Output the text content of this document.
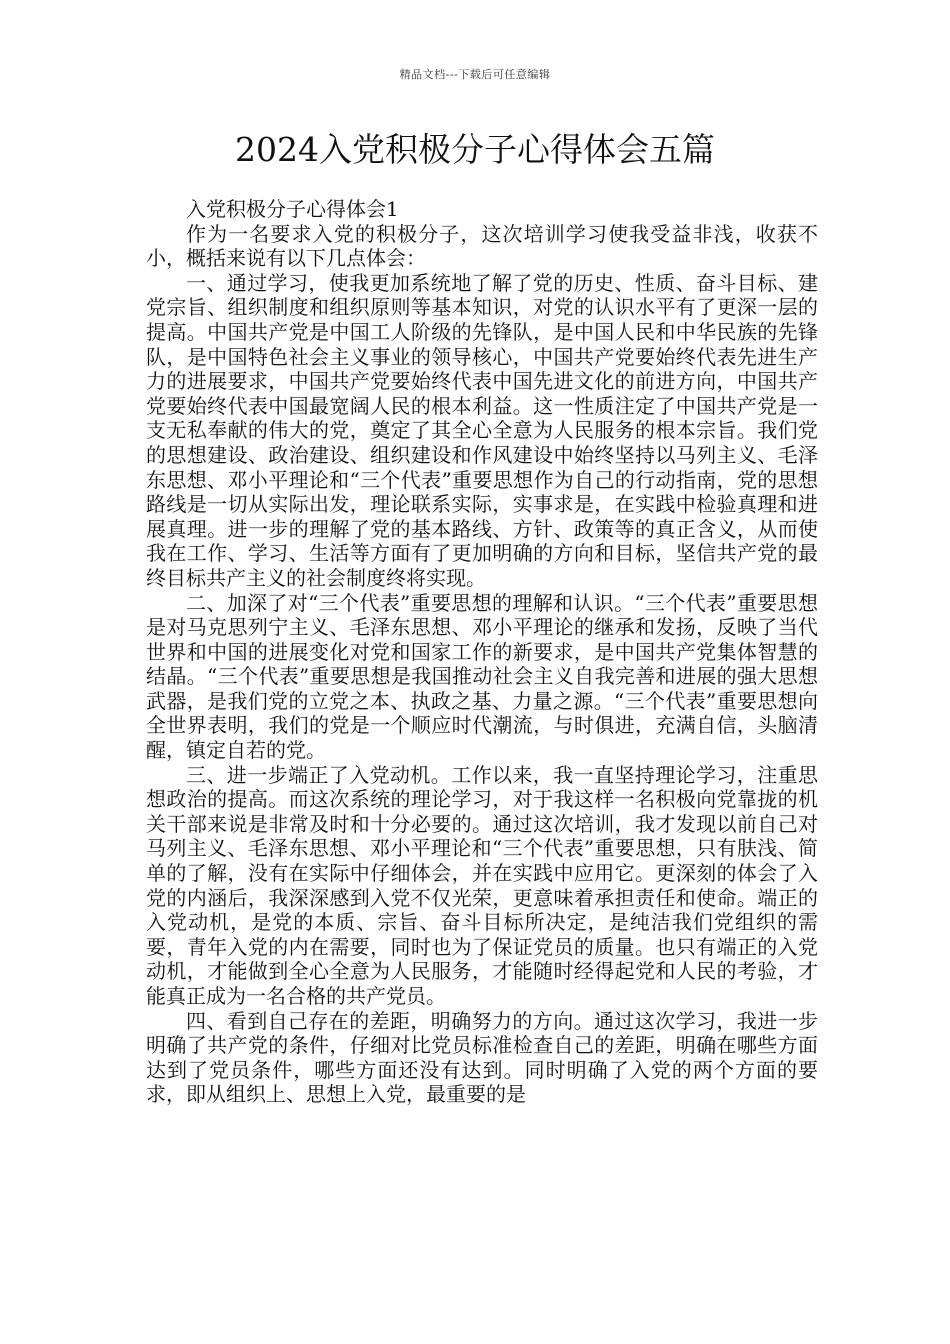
精品文档---下载后可任意编辑
2024入党积极分子心得体会五篇

入党积极分子心得体会1

作为一名要求入党的积极分子，这次培训学习使我受益非浅，收获不小，概括来说有以下几点体会：

一、通过学习，使我更加系统地了解了党的历史、性质、奋斗目标、建党宗旨、组织制度和组织原则等基本知识，对党的认识水平有了更深一层的提高。中国共产党是中国工人阶级的先锋队，是中国人民和中华民族的先锋队，是中国特色社会主义事业的领导核心，中国共产党要始终代表先进生产力的进展要求，中国共产党要始终代表中国先进文化的前进方向，中国共产党要始终代表中国最宽阔人民的根本利益。这一性质注定了中国共产党是一支无私奉献的伟大的党，奠定了其全心全意为人民服务的根本宗旨。我们党的思想建设、政治建设、组织建设和作风建设中始终坚持以马列主义、毛泽东思想、邓小平理论和“三个代表”重要思想作为自己的行动指南，党的思想路线是一切从实际出发，理论联系实际，实事求是，在实践中检验真理和进展真理。进一步的理解了党的基本路线、方针、政策等的真正含义，从而使我在工作、学习、生活等方面有了更加明确的方向和目标，坚信共产党的最终目标共产主义的社会制度终将实现。

二、加深了对“三个代表”重要思想的理解和认识。“三个代表”重要思想是对马克思列宁主义、毛泽东思想、邓小平理论的继承和发扬，反映了当代世界和中国的进展变化对党和国家工作的新要求，是中国共产党集体智慧的结晶。“三个代表”重要思想是我国推动社会主义自我完善和进展的强大思想武器，是我们党的立党之本、执政之基、力量之源。“三个代表”重要思想向全世界表明，我们的党是一个顺应时代潮流，与时俱进，充满自信，头脑清醒，镇定自若的党。

三、进一步端正了入党动机。工作以来，我一直坚持理论学习，注重思想政治的提高。而这次系统的理论学习，对于我这样一名积极向党靠拢的机关干部来说是非常及时和十分必要的。通过这次培训，我才发现以前自己对马列主义、毛泽东思想、邓小平理论和“三个代表”重要思想，只有肤浅、简单的了解，没有在实际中仔细体会，并在实践中应用它。更深刻的体会了入党的内涵后，我深深感到入党不仅光荣，更意味着承担责任和使命。端正的入党动机，是党的本质、宗旨、奋斗目标所决定，是纯洁我们党组织的需要，青年入党的内在需要，同时也为了保证党员的质量。也只有端正的入党动机，才能做到全心全意为人民服务，才能随时经得起党和人民的考验，才能真正成为一名合格的共产党员。

四、看到自己存在的差距，明确努力的方向。通过这次学习，我进一步明确了共产党的条件，仔细对比党员标准检查自己的差距，明确在哪些方面达到了党员条件，哪些方面还没有达到。同时明确了入党的两个方面的要求，即从组织上、思想上入党，最重要的是
